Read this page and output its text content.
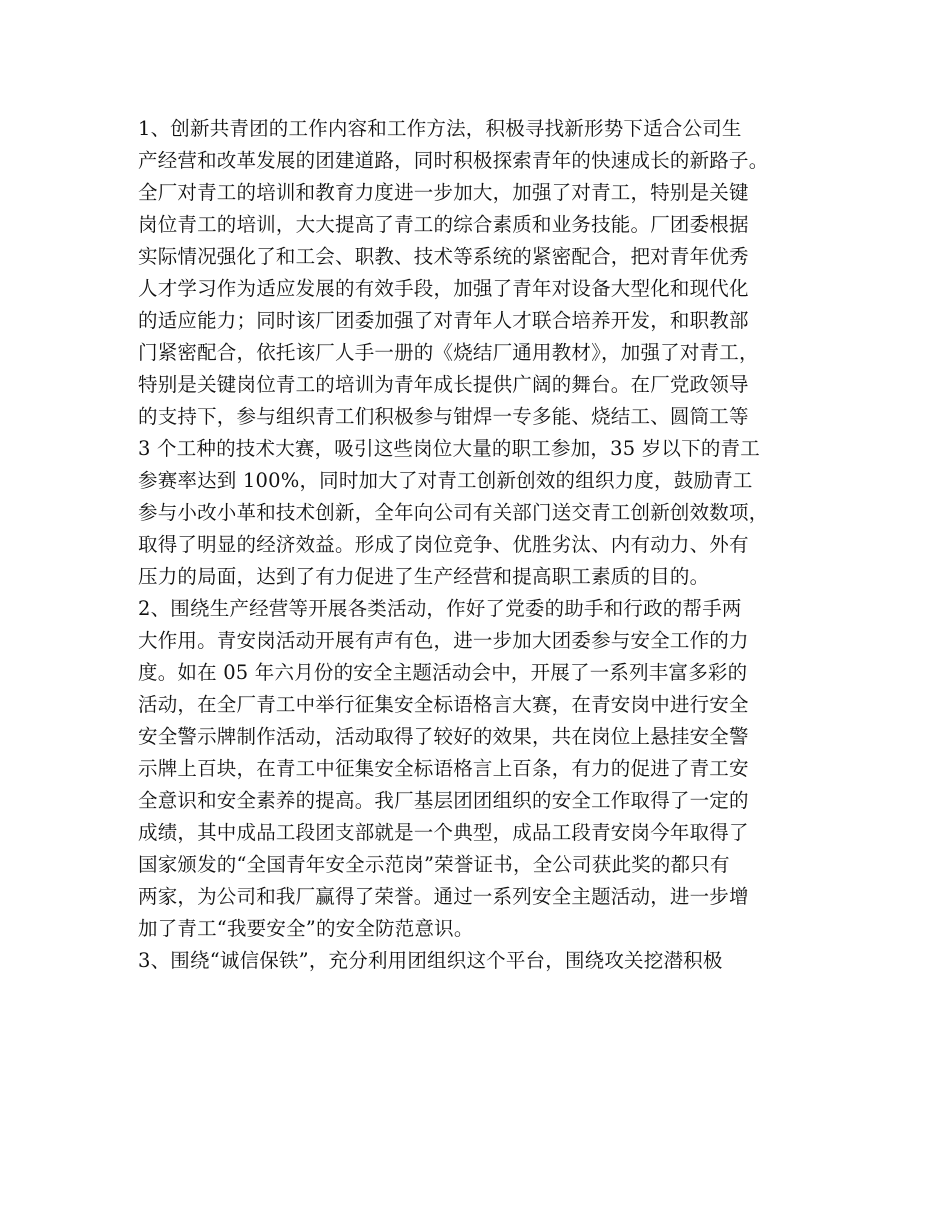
1、创新共青团的工作内容和工作方法，积极寻找新形势下适合公司生
产经营和改革发展的团建道路，同时积极探索青年的快速成长的新路子。
全厂对青工的培训和教育力度进一步加大，加强了对青工，特别是关键
岗位青工的培训，大大提高了青工的综合素质和业务技能。厂团委根据
实际情况强化了和工会、职教、技术等系统的紧密配合，把对青年优秀
人才学习作为适应发展的有效手段，加强了青年对设备大型化和现代化
的适应能力；同时该厂团委加强了对青年人才联合培养开发，和职教部
门紧密配合，依托该厂人手一册的《烧结厂通用教材》，加强了对青工，
特别是关键岗位青工的培训为青年成长提供广阔的舞台。在厂党政领导
的支持下，参与组织青工们积极参与钳焊一专多能、烧结工、圆筒工等
3 个工种的技术大赛，吸引这些岗位大量的职工参加，35 岁以下的青工
参赛率达到 100%，同时加大了对青工创新创效的组织力度，鼓励青工
参与小改小革和技术创新，全年向公司有关部门送交青工创新创效数项，
取得了明显的经济效益。形成了岗位竞争、优胜劣汰、内有动力、外有
压力的局面，达到了有力促进了生产经营和提高职工素质的目的。
2、围绕生产经营等开展各类活动，作好了党委的助手和行政的帮手两
大作用。青安岗活动开展有声有色，进一步加大团委参与安全工作的力
度。如在 05 年六月份的安全主题活动会中，开展了一系列丰富多彩的
活动，在全厂青工中举行征集安全标语格言大赛，在青安岗中进行安全
安全警示牌制作活动，活动取得了较好的效果，共在岗位上悬挂安全警
示牌上百块，在青工中征集安全标语格言上百条，有力的促进了青工安
全意识和安全素养的提高。我厂基层团团组织的安全工作取得了一定的
成绩，其中成品工段团支部就是一个典型，成品工段青安岗今年取得了
国家颁发的“全国青年安全示范岗”荣誉证书，全公司获此奖的都只有
两家，为公司和我厂赢得了荣誉。通过一系列安全主题活动，进一步增
加了青工“我要安全”的安全防范意识。
3、围绕“诚信保铁”，充分利用团组织这个平台，围绕攻关挖潜积极
